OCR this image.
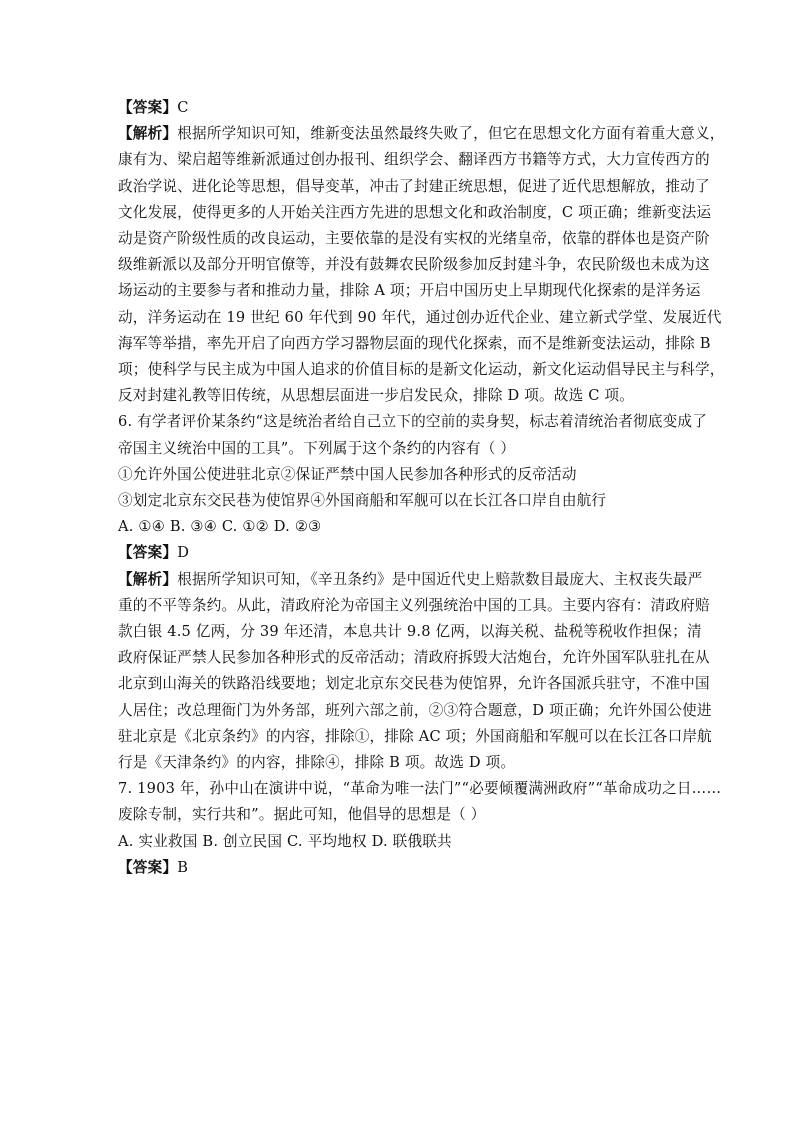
【答案】C
【解析】根据所学知识可知，维新变法虽然最终失败了，但它在思想文化方面有着重大意义，
康有为、梁启超等维新派通过创办报刊、组织学会、翻译西方书籍等方式，大力宣传西方的
政治学说、进化论等思想，倡导变革，冲击了封建正统思想，促进了近代思想解放，推动了
文化发展，使得更多的人开始关注西方先进的思想文化和政治制度，C 项正确；维新变法运
动是资产阶级性质的改良运动，主要依靠的是没有实权的光绪皇帝，依靠的群体也是资产阶
级维新派以及部分开明官僚等，并没有鼓舞农民阶级参加反封建斗争，农民阶级也未成为这
场运动的主要参与者和推动力量，排除 A 项；开启中国历史上早期现代化探索的是洋务运
动，洋务运动在 19 世纪 60 年代到 90 年代，通过创办近代企业、建立新式学堂、发展近代
海军等举措，率先开启了向西方学习器物层面的现代化探索，而不是维新变法运动，排除 B
项；使科学与民主成为中国人追求的价值目标的是新文化运动，新文化运动倡导民主与科学，
反对封建礼教等旧传统，从思想层面进一步启发民众，排除 D 项。故选 C 项。
6. 有学者评价某条约“这是统治者给自己立下的空前的卖身契，标志着清统治者彻底变成了
帝国主义统治中国的工具”。下列属于这个条约的内容有（ ）
①允许外国公使进驻北京②保证严禁中国人民参加各种形式的反帝活动
③划定北京东交民巷为使馆界④外国商船和军舰可以在长江各口岸自由航行
A. ①④ B. ③④ C. ①② D. ②③
【答案】D
【解析】根据所学知识可知，《辛丑条约》是中国近代史上赔款数目最庞大、主权丧失最严
重的不平等条约。从此，清政府沦为帝国主义列强统治中国的工具。主要内容有：清政府赔
款白银 4.5 亿两，分 39 年还清，本息共计 9.8 亿两，以海关税、盐税等税收作担保；清
政府保证严禁人民参加各种形式的反帝活动；清政府拆毁大沽炮台，允许外国军队驻扎在从
北京到山海关的铁路沿线要地；划定北京东交民巷为使馆界，允许各国派兵驻守，不准中国
人居住；改总理衙门为外务部，班列六部之前，②③符合题意，D 项正确；允许外国公使进
驻北京是《北京条约》的内容，排除①，排除 AC 项；外国商船和军舰可以在长江各口岸航
行是《天津条约》的内容，排除④，排除 B 项。故选 D 项。
7. 1903 年，孙中山在演讲中说，“革命为唯一法门”“必要倾覆满洲政府”“革命成功之日……
废除专制，实行共和”。据此可知，他倡导的思想是（ ）
A. 实业救国 B. 创立民国 C. 平均地权 D. 联俄联共
【答案】B
